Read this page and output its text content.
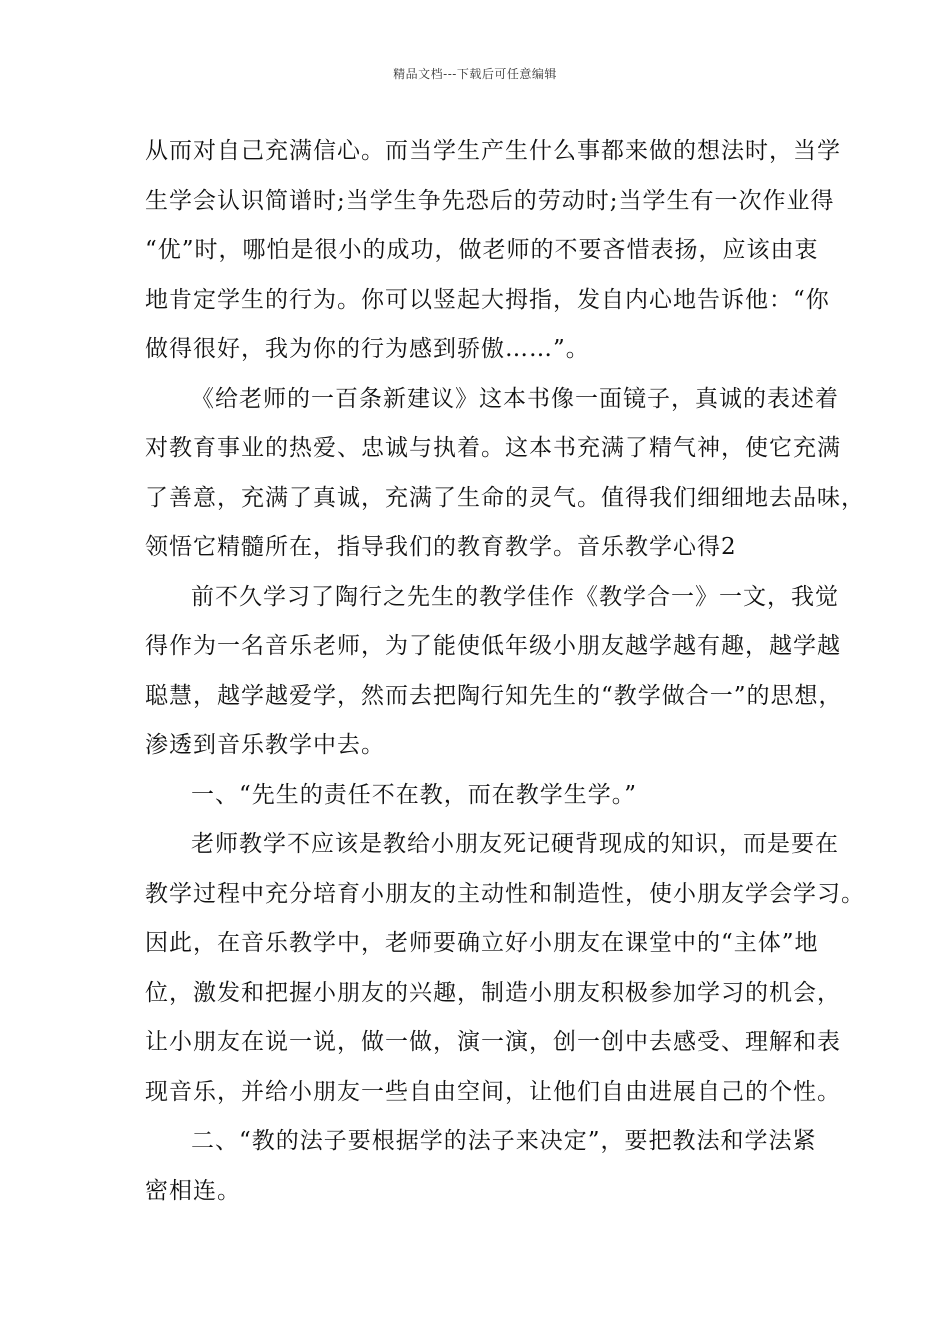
精品文档---下载后可任意编辑
从而对自己充满信心。而当学生产生什么事都来做的想法时，当学
生学会认识简谱时;当学生争先恐后的劳动时;当学生有一次作业得
“优”时，哪怕是很小的成功，做老师的不要吝惜表扬，应该由衷
地肯定学生的行为。你可以竖起大拇指，发自内心地告诉他：“你
做得很好，我为你的行为感到骄傲……”。
《给老师的一百条新建议》这本书像一面镜子，真诚的表述着
对教育事业的热爱、忠诚与执着。这本书充满了精气神，使它充满
了善意，充满了真诚，充满了生命的灵气。值得我们细细地去品味，
领悟它精髓所在，指导我们的教育教学。音乐教学心得2
前不久学习了陶行之先生的教学佳作《教学合一》一文，我觉
得作为一名音乐老师，为了能使低年级小朋友越学越有趣，越学越
聪慧，越学越爱学，然而去把陶行知先生的“教学做合一”的思想，
渗透到音乐教学中去。
一、“先生的责任不在教，而在教学生学。”
老师教学不应该是教给小朋友死记硬背现成的知识，而是要在
教学过程中充分培育小朋友的主动性和制造性，使小朋友学会学习。
因此，在音乐教学中，老师要确立好小朋友在课堂中的“主体”地
位，激发和把握小朋友的兴趣，制造小朋友积极参加学习的机会，
让小朋友在说一说，做一做，演一演，创一创中去感受、理解和表
现音乐，并给小朋友一些自由空间，让他们自由进展自己的个性。
二、“教的法子要根据学的法子来决定”，要把教法和学法紧
密相连。
